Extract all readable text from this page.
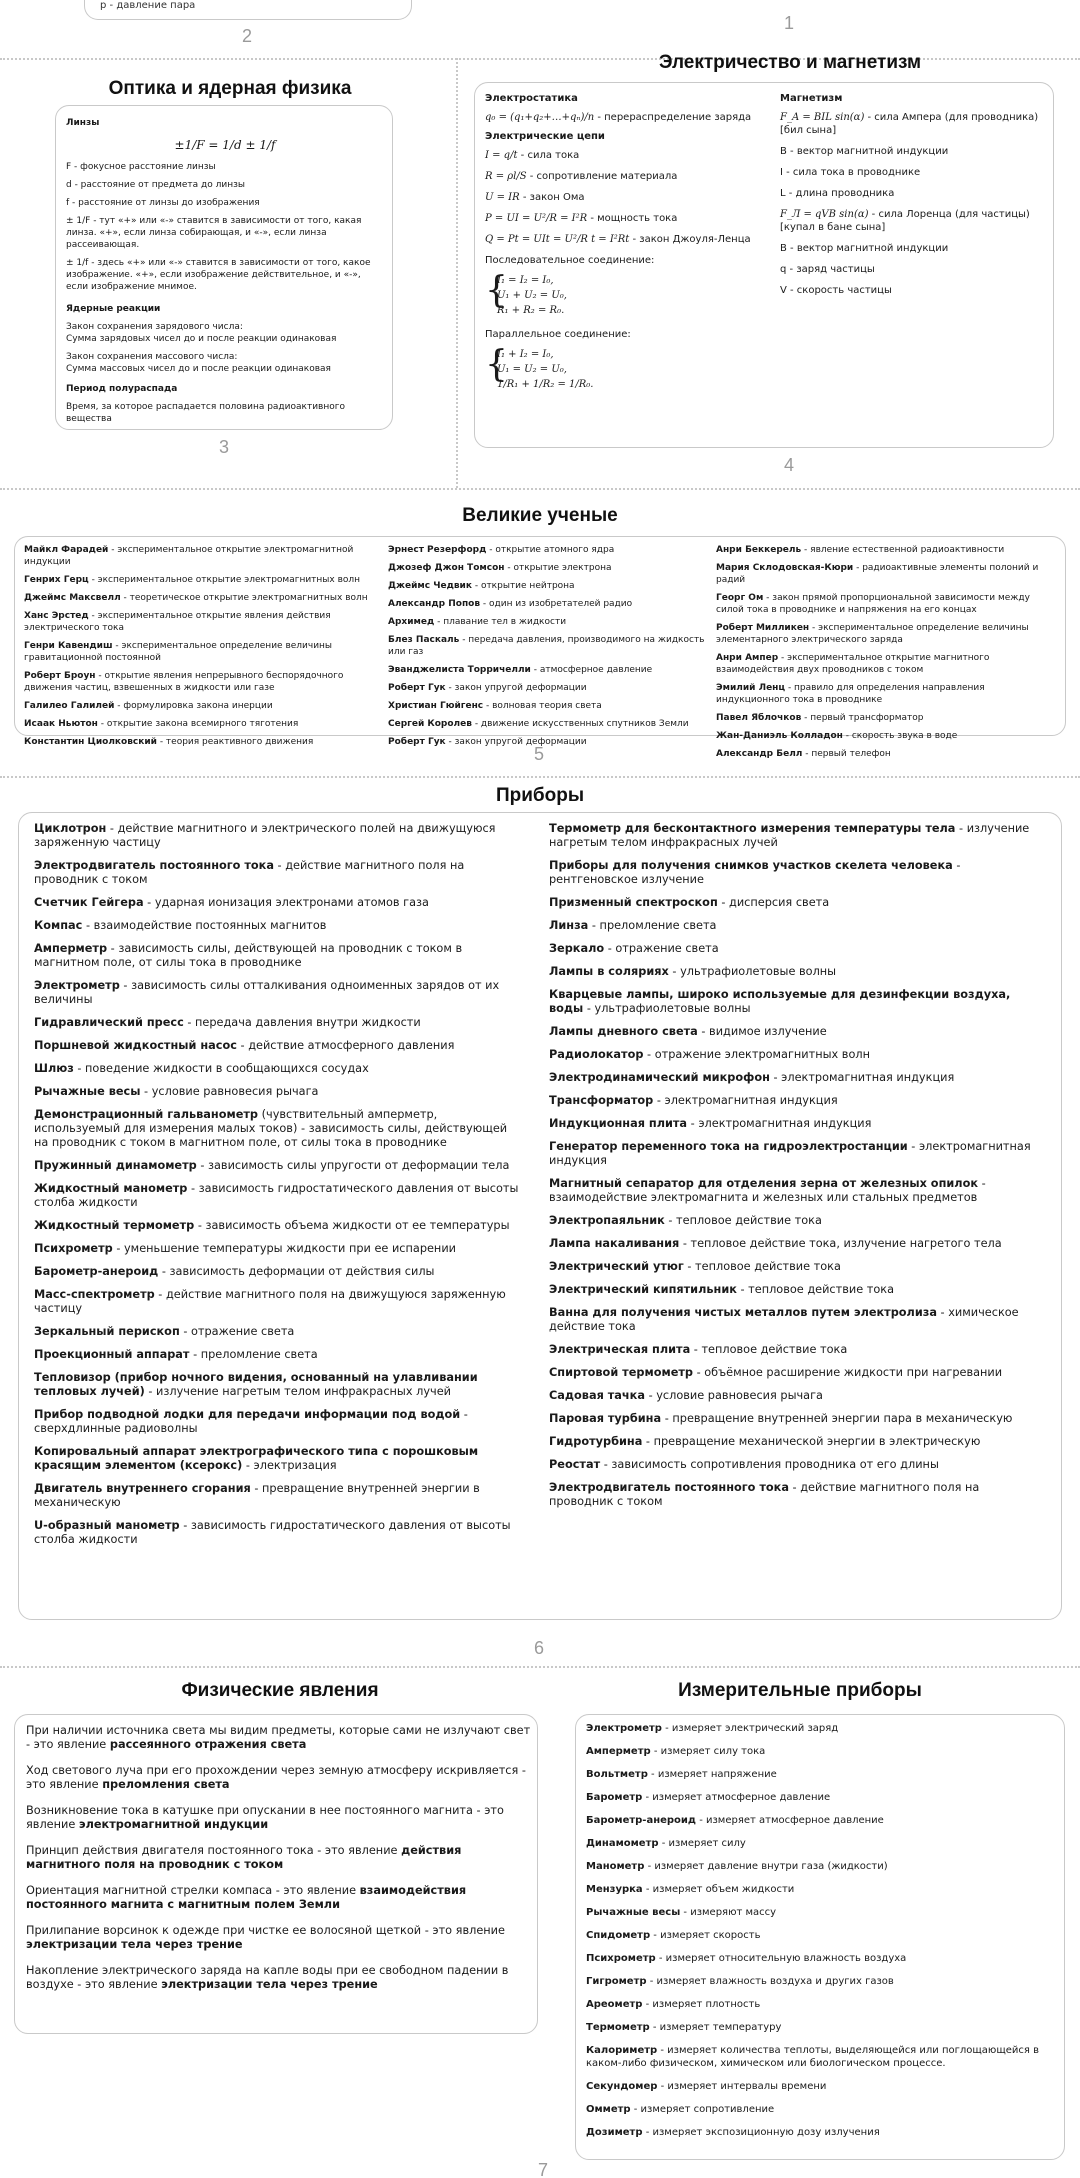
p - давление пара
2
1
Электричество и магнетизм
Электростатика
q₀ = (q₁+q₂+…+qₙ)/n - перераспределение заряда
Электрические цепи
I = q/t - сила тока
R = ρl/S - сопротивление материала
U = IR - закон Ома
P = UI = U²/R = I²R - мощность тока
Q = Pt = UIt = U²/R t = I²Rt - закон Джоуля-Ленца
Последовательное соединение:
{
I₁ = I₂ = I₀,
U₁ + U₂ = U₀,
R₁ + R₂ = R₀.
Параллельное соединение:
{
I₁ + I₂ = I₀,
U₁ = U₂ = U₀,
1/R₁ + 1/R₂ = 1/R₀.
Магнетизм
F_A = BIL sin(α) - сила Ампера (для проводника) [бил сына]
B - вектор магнитной индукции
I - сила тока в проводнике
L - длина проводника
F_Л = qVB sin(α) - сила Лоренца (для частицы) [купал в бане сына]
B - вектор магнитной индукции
q - заряд частицы
V - скорость частицы
4
Оптика и ядерная физика
Линзы
±1/F = 1/d ± 1/f
F - фокусное расстояние линзы
d - расстояние от предмета до линзы
f - расстояние от линзы до изображения
± 1/F - тут «+» или «-» ставится в зависимости от того, какая линза. «+», если линза собирающая, и «-», если линза рассеивающая.
± 1/f - здесь «+» или «-» ставится в зависимости от того, какое изображение. «+», если изображение действительное, и «-», если изображение мнимое.
Ядерные реакции
Закон сохранения зарядового числа:
Сумма зарядовых чисел до и после реакции одинаковая
Закон сохранения массового числа:
Сумма массовых чисел до и после реакции одинаковая
Период полураспада
Время, за которое распадается половина радиоактивного вещества
3
Великие ученые
Майкл Фарадей - экспериментальное открытие электромагнитной индукции
Генрих Герц - экспериментальное открытие электромагнитных волн
Джеймс Максвелл - теоретическое открытие электромагнитных волн
Ханс Эрстед - экспериментальное открытие явления действия электрического тока
Генри Кавендиш - экспериментальное определение величины гравитационной постоянной
Роберт Броун - открытие явления непрерывного беспорядочного движения частиц, взвешенных в жидкости или газе
Галилео Галилей - формулировка закона инерции
Исаак Ньютон - открытие закона всемирного тяготения
Константин Циолковский - теория реактивного движения
Эрнест Резерфорд - открытие атомного ядра
Джозеф Джон Томсон - открытие электрона
Джеймс Чедвик - открытие нейтрона
Александр Попов - один из изобретателей радио
Архимед - плавание тел в жидкости
Блез Паскаль - передача давления, производимого на жидкость или газ
Эванджелиста Торричелли - атмосферное давление
Роберт Гук - закон упругой деформации
Христиан Гюйгенс - волновая теория света
Сергей Королев - движение искусственных спутников Земли
Роберт Гук - закон упругой деформации
Анри Беккерель - явление естественной радиоактивности
Мария Склодовская-Кюри - радиоактивные элементы полоний и радий
Георг Ом - закон прямой пропорциональной зависимости между силой тока в проводнике и напряжения на его концах
Роберт Милликен - экспериментальное определение величины элементарного электрического заряда
Анри Ампер - экспериментальное открытие магнитного взаимодействия двух проводников с током
Эмилий Ленц - правило для определения направления индукционного тока в проводнике
Павел Яблочков - первый трансформатор
Жан-Даниэль Колладон - скорость звука в воде
Александр Белл - первый телефон
5
Приборы
Циклотрон - действие магнитного и электрического полей на движущуюся заряженную частицу
Электродвигатель постоянного тока - действие магнитного поля на проводник с током
Счетчик Гейгера - ударная ионизация электронами атомов газа
Компас - взаимодействие постоянных магнитов
Амперметр - зависимость силы, действующей на проводник с током в магнитном поле, от силы тока в проводнике
Электрометр - зависимость силы отталкивания одноименных зарядов от их величины
Гидравлический пресс - передача давления внутри жидкости
Поршневой жидкостный насос - действие атмосферного давления
Шлюз - поведение жидкости в сообщающихся сосудах
Рычажные весы - условие равновесия рычага
Демонстрационный гальванометр (чувствительный амперметр, используемый для измерения малых токов) - зависимость силы, действующей на проводник с током в магнитном поле, от силы тока в проводнике
Пружинный динамометр - зависимость силы упругости от деформации тела
Жидкостный манометр - зависимость гидростатического давления от высоты столба жидкости
Жидкостный термометр - зависимость объема жидкости от ее температуры
Психрометр - уменьшение температуры жидкости при ее испарении
Барометр-анероид - зависимость деформации от действия силы
Масс-спектрометр - действие магнитного поля на движущуюся заряженную частицу
Зеркальный перископ - отражение света
Проекционный аппарат - преломление света
Тепловизор (прибор ночного видения, основанный на улавливании тепловых лучей) - излучение нагретым телом инфракрасных лучей
Прибор подводной лодки для передачи информации под водой - сверхдлинные радиоволны
Копировальный аппарат электрографического типа с порошковым красящим элементом (ксерокс) - электризация
Двигатель внутреннего сгорания - превращение внутренней энергии в механическую
U-образный манометр - зависимость гидростатического давления от высоты столба жидкости
Термометр для бесконтактного измерения температуры тела - излучение нагретым телом инфракрасных лучей
Приборы для получения снимков участков скелета человека - рентгеновское излучение
Призменный спектроскоп - дисперсия света
Линза - преломление света
Зеркало - отражение света
Лампы в соляриях - ультрафиолетовые волны
Кварцевые лампы, широко используемые для дезинфекции воздуха, воды - ультрафиолетовые волны
Лампы дневного света - видимое излучение
Радиолокатор - отражение электромагнитных волн
Электродинамический микрофон - электромагнитная индукция
Трансформатор - электромагнитная индукция
Индукционная плита - электромагнитная индукция
Генератор переменного тока на гидроэлектростанции - электромагнитная индукция
Магнитный сепаратор для отделения зерна от железных опилок - взаимодействие электромагнита и железных или стальных предметов
Электропаяльник - тепловое действие тока
Лампа накаливания - тепловое действие тока, излучение нагретого тела
Электрический утюг - тепловое действие тока
Электрический кипятильник - тепловое действие тока
Ванна для получения чистых металлов путем электролиза - химическое действие тока
Электрическая плита - тепловое действие тока
Спиртовой термометр - объёмное расширение жидкости при нагревании
Садовая тачка - условие равновесия рычага
Паровая турбина - превращение внутренней энергии пара в механическую
Гидротурбина - превращение механической энергии в электрическую
Реостат - зависимость сопротивления проводника от его длины
Электродвигатель постоянного тока - действие магнитного поля на проводник с током
6
Физические явления
При наличии источника света мы видим предметы, которые сами не излучают свет - это явление рассеянного отражения света
Ход светового луча при его прохождении через земную атмосферу искривляется - это явление преломления света
Возникновение тока в катушке при опускании в нее постоянного магнита - это явление электромагнитной индукции
Принцип действия двигателя постоянного тока - это явление действия магнитного поля на проводник с током
Ориентация магнитной стрелки компаса - это явление взаимодействия постоянного магнита с магнитным полем Земли
Прилипание ворсинок к одежде при чистке ее волосяной щеткой - это явление электризации тела через трение
Накопление электрического заряда на капле воды при ее свободном падении в воздухе - это явление электризации тела через трение
Измерительные приборы
Электрометр - измеряет электрический заряд
Амперметр - измеряет силу тока
Вольтметр - измеряет напряжение
Барометр - измеряет атмосферное давление
Барометр-анероид - измеряет атмосферное давление
Динамометр - измеряет силу
Манометр - измеряет давление внутри газа (жидкости)
Мензурка - измеряет объем жидкости
Рычажные весы - измеряют массу
Спидометр - измеряет скорость
Психрометр - измеряет относительную влажность воздуха
Гигрометр - измеряет влажность воздуха и других газов
Ареометр - измеряет плотность
Термометр - измеряет температуру
Калориметр - измеряет количества теплоты, выделяющейся или поглощающейся в каком-либо физическом, химическом или биологическом процессе.
Секундомер - измеряет интервалы времени
Омметр - измеряет сопротивление
Дозиметр - измеряет экспозиционную дозу излучения
7
